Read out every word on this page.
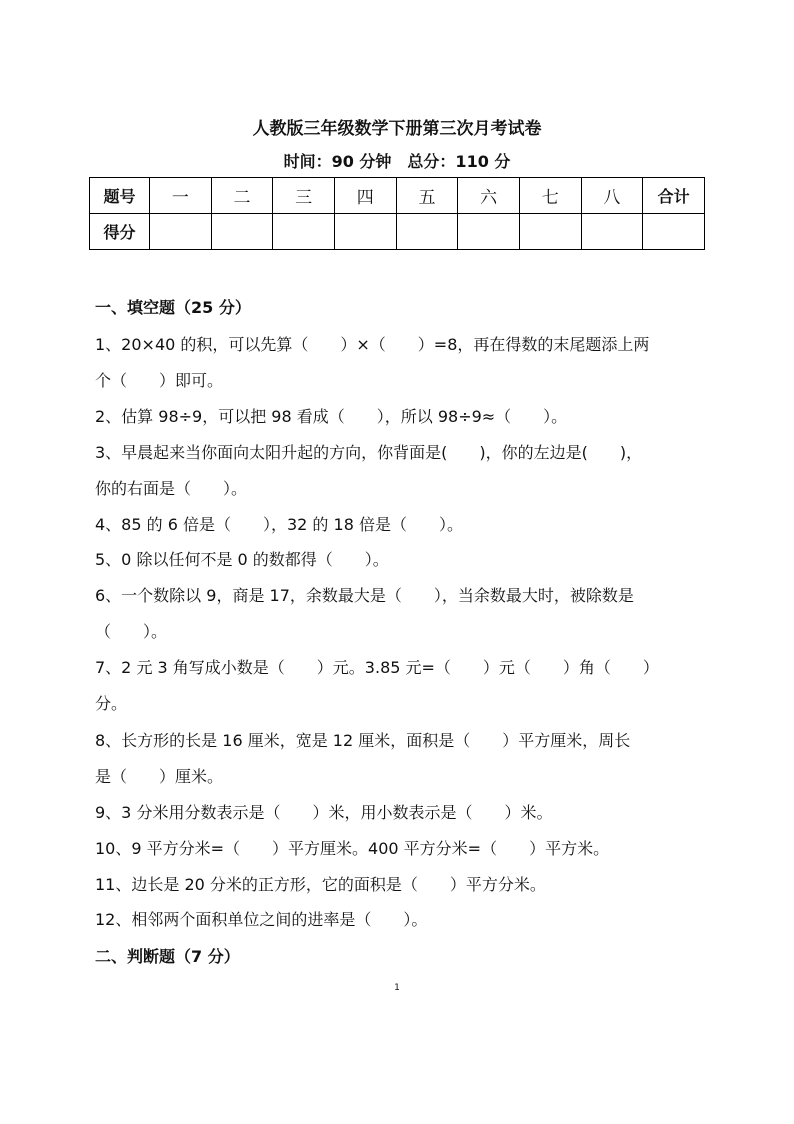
人教版三年级数学下册第三次月考试卷
时间：90 分钟　总分：110 分
题号	一	二	三	四	五	六	七	八	合计
得分									
一、填空题（25 分）
1、20×40 的积，可以先算（　　）×（　　）=8，再在得数的末尾题添上两
个（　　）即可。
2、估算 98÷9，可以把 98 看成（　　），所以 98÷9≈（　　）。
3、早晨起来当你面向太阳升起的方向，你背面是(　　)，你的左边是(　　)，
你的右面是（　　）。
4、85 的 6 倍是（　　），32 的 18 倍是（　　）。
5、0 除以任何不是 0 的数都得（　　）。
6、一个数除以 9，商是 17，余数最大是（　　），当余数最大时，被除数是
（　　）。
7、2 元 3 角写成小数是（　　）元。3.85 元=（　　）元（　　）角（　　）
分。
8、长方形的长是 16 厘米，宽是 12 厘米，面积是（　　）平方厘米，周长
是（　　）厘米。
9、3 分米用分数表示是（　　）米，用小数表示是（　　）米。
10、9 平方分米=（　　）平方厘米。400 平方分米=（　　）平方米。
11、边长是 20 分米的正方形，它的面积是（　　）平方分米。
12、相邻两个面积单位之间的进率是（　　）。
二、判断题（7 分）
1
